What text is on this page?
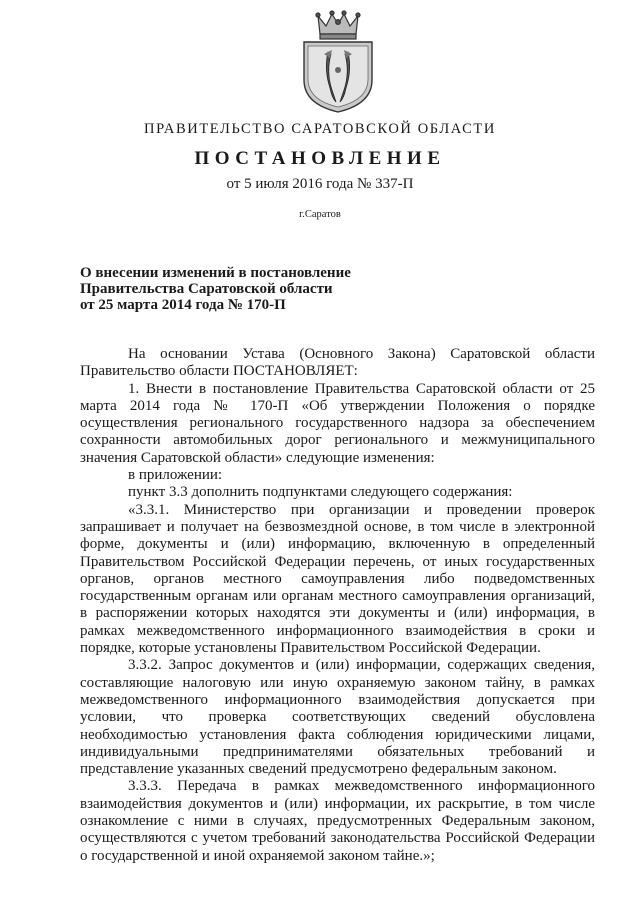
ПРАВИТЕЛЬСТВО САРАТОВСКОЙ ОБЛАСТИ
ПОСТАНОВЛЕНИЕ
от 5 июля 2016 года № 337-П
г.Саратов
О внесении изменений в постановление
Правительства Саратовской области
от 25 марта 2014 года № 170-П

На основании Устава (Основного Закона) Саратовской области Правительство области ПОСТАНОВЛЯЕТ:

1. Внести в постановление Правительства Саратовской области от 25 марта 2014 года № 170-П «Об утверждении Положения о порядке осуществления регионального государственного надзора за обеспечением сохранности автомобильных дорог регионального и межмуниципального значения Саратовской области» следующие изменения:

в приложении:

пункт 3.3 дополнить подпунктами следующего содержания:

«3.3.1. Министерство при организации и проведении проверок запрашивает и получает на безвозмездной основе, в том числе в электронной форме, документы и (или) информацию, включенную в определенный Правительством Российской Федерации перечень, от иных государственных органов, органов местного самоуправления либо подведомственных государственным органам или органам местного самоуправления организаций, в распоряжении которых находятся эти документы и (или) информация, в рамках межведомственного информационного взаимодействия в сроки и порядке, которые установлены Правительством Российской Федерации.

3.3.2. Запрос документов и (или) информации, содержащих сведения, составляющие налоговую или иную охраняемую законом тайну, в рамках межведомственного информационного взаимодействия допускается при условии, что проверка соответствующих сведений обусловлена необходимостью установления факта соблюдения юридическими лицами, индивидуальными предпринимателями обязательных требований и представление указанных сведений предусмотрено федеральным законом.

3.3.3. Передача в рамках межведомственного информационного взаимодействия документов и (или) информации, их раскрытие, в том числе ознакомление с ними в случаях, предусмотренных Федеральным законом, осуществляются с учетом требований законодательства Российской Федерации о государственной и иной охраняемой законом тайне.»;
